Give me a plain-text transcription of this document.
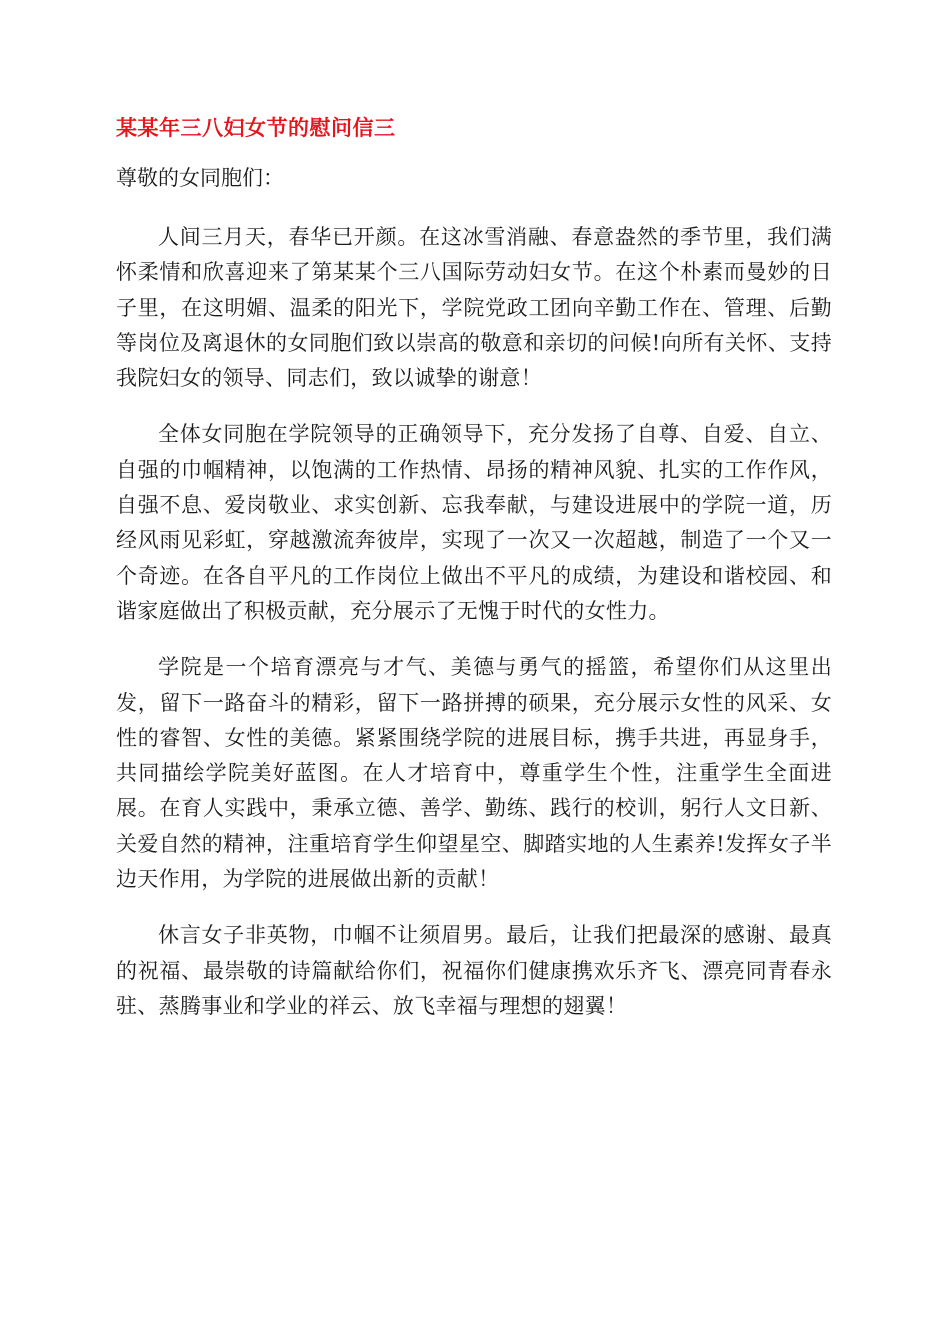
某某年三八妇女节的慰问信三
尊敬的女同胞们：

人间三月天，春华已开颜。在这冰雪消融、春意盎然的季节里，我们满怀柔情和欣喜迎来了第某某个三八国际劳动妇女节。在这个朴素而曼妙的日子里，在这明媚、温柔的阳光下，学院党政工团向辛勤工作在、管理、后勤等岗位及离退休的女同胞们致以崇高的敬意和亲切的问候!向所有关怀、支持我院妇女的领导、同志们，致以诚挚的谢意！

全体女同胞在学院领导的正确领导下，充分发扬了自尊、自爱、自立、自强的巾帼精神，以饱满的工作热情、昂扬的精神风貌、扎实的工作作风，自强不息、爱岗敬业、求实创新、忘我奉献，与建设进展中的学院一道，历经风雨见彩虹，穿越激流奔彼岸，实现了一次又一次超越，制造了一个又一个奇迹。在各自平凡的工作岗位上做出不平凡的成绩，为建设和谐校园、和谐家庭做出了积极贡献，充分展示了无愧于时代的女性力。

学院是一个培育漂亮与才气、美德与勇气的摇篮，希望你们从这里出发，留下一路奋斗的精彩，留下一路拼搏的硕果，充分展示女性的风采、女性的睿智、女性的美德。紧紧围绕学院的进展目标，携手共进，再显身手，共同描绘学院美好蓝图。在人才培育中，尊重学生个性，注重学生全面进展。在育人实践中，秉承立德、善学、勤练、践行的校训，躬行人文日新、关爱自然的精神，注重培育学生仰望星空、脚踏实地的人生素养!发挥女子半边天作用，为学院的进展做出新的贡献！

休言女子非英物，巾帼不让须眉男。最后，让我们把最深的感谢、最真的祝福、最崇敬的诗篇献给你们，祝福你们健康携欢乐齐飞、漂亮同青春永驻、蒸腾事业和学业的祥云、放飞幸福与理想的翅翼！
